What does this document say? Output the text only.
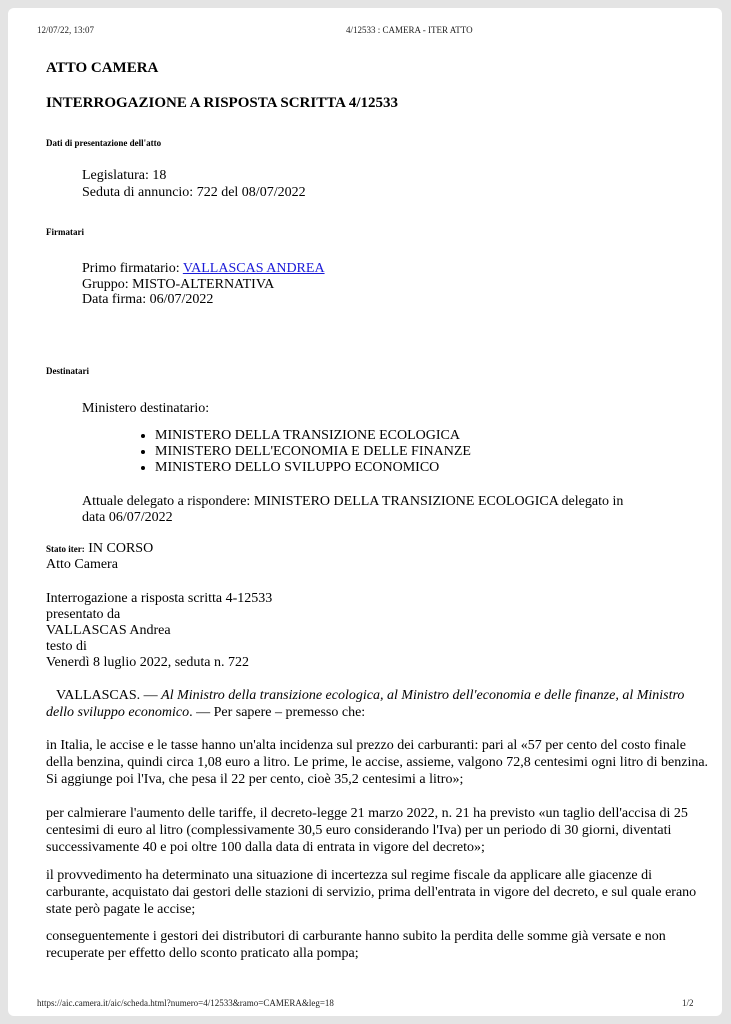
12/07/22, 13:07	4/12533 : CAMERA - ITER ATTO
ATTO CAMERA
INTERROGAZIONE A RISPOSTA SCRITTA 4/12533
Dati di presentazione dell'atto
Legislatura: 18
Seduta di annuncio: 722 del 08/07/2022
Firmatari
Primo firmatario: VALLASCAS ANDREA
Gruppo: MISTO-ALTERNATIVA
Data firma: 06/07/2022
Destinatari
Ministero destinatario:
• MINISTERO DELLA TRANSIZIONE ECOLOGICA
• MINISTERO DELL'ECONOMIA E DELLE FINANZE
• MINISTERO DELLO SVILUPPO ECONOMICO
Attuale delegato a rispondere: MINISTERO DELLA TRANSIZIONE ECOLOGICA delegato in
data 06/07/2022
Stato iter: IN CORSO
Atto Camera
Interrogazione a risposta scritta 4-12533
presentato da
VALLASCAS Andrea
testo di
Venerdì 8 luglio 2022, seduta n. 722
VALLASCAS. — Al Ministro della transizione ecologica, al Ministro dell'economia e delle finanze, al Ministro dello sviluppo economico. — Per sapere – premesso che:
in Italia, le accise e le tasse hanno un'alta incidenza sul prezzo dei carburanti: pari al «57 per cento del costo finale della benzina, quindi circa 1,08 euro a litro. Le prime, le accise, assieme, valgono 72,8 centesimi ogni litro di benzina. Si aggiunge poi l'Iva, che pesa il 22 per cento, cioè 35,2 centesimi a litro»;
per calmierare l'aumento delle tariffe, il decreto-legge 21 marzo 2022, n. 21 ha previsto «un taglio dell'accisa di 25 centesimi di euro al litro (complessivamente 30,5 euro considerando l'Iva) per un periodo di 30 giorni, diventati successivamente 40 e poi oltre 100 dalla data di entrata in vigore del decreto»;
il provvedimento ha determinato una situazione di incertezza sul regime fiscale da applicare alle giacenze di carburante, acquistato dai gestori delle stazioni di servizio, prima dell'entrata in vigore del decreto, e sul quale erano state però pagate le accise;
conseguentemente i gestori dei distributori di carburante hanno subito la perdita delle somme già versate e non recuperate per effetto dello sconto praticato alla pompa;
https://aic.camera.it/aic/scheda.html?numero=4/12533&ramo=CAMERA&leg=18	1/2
